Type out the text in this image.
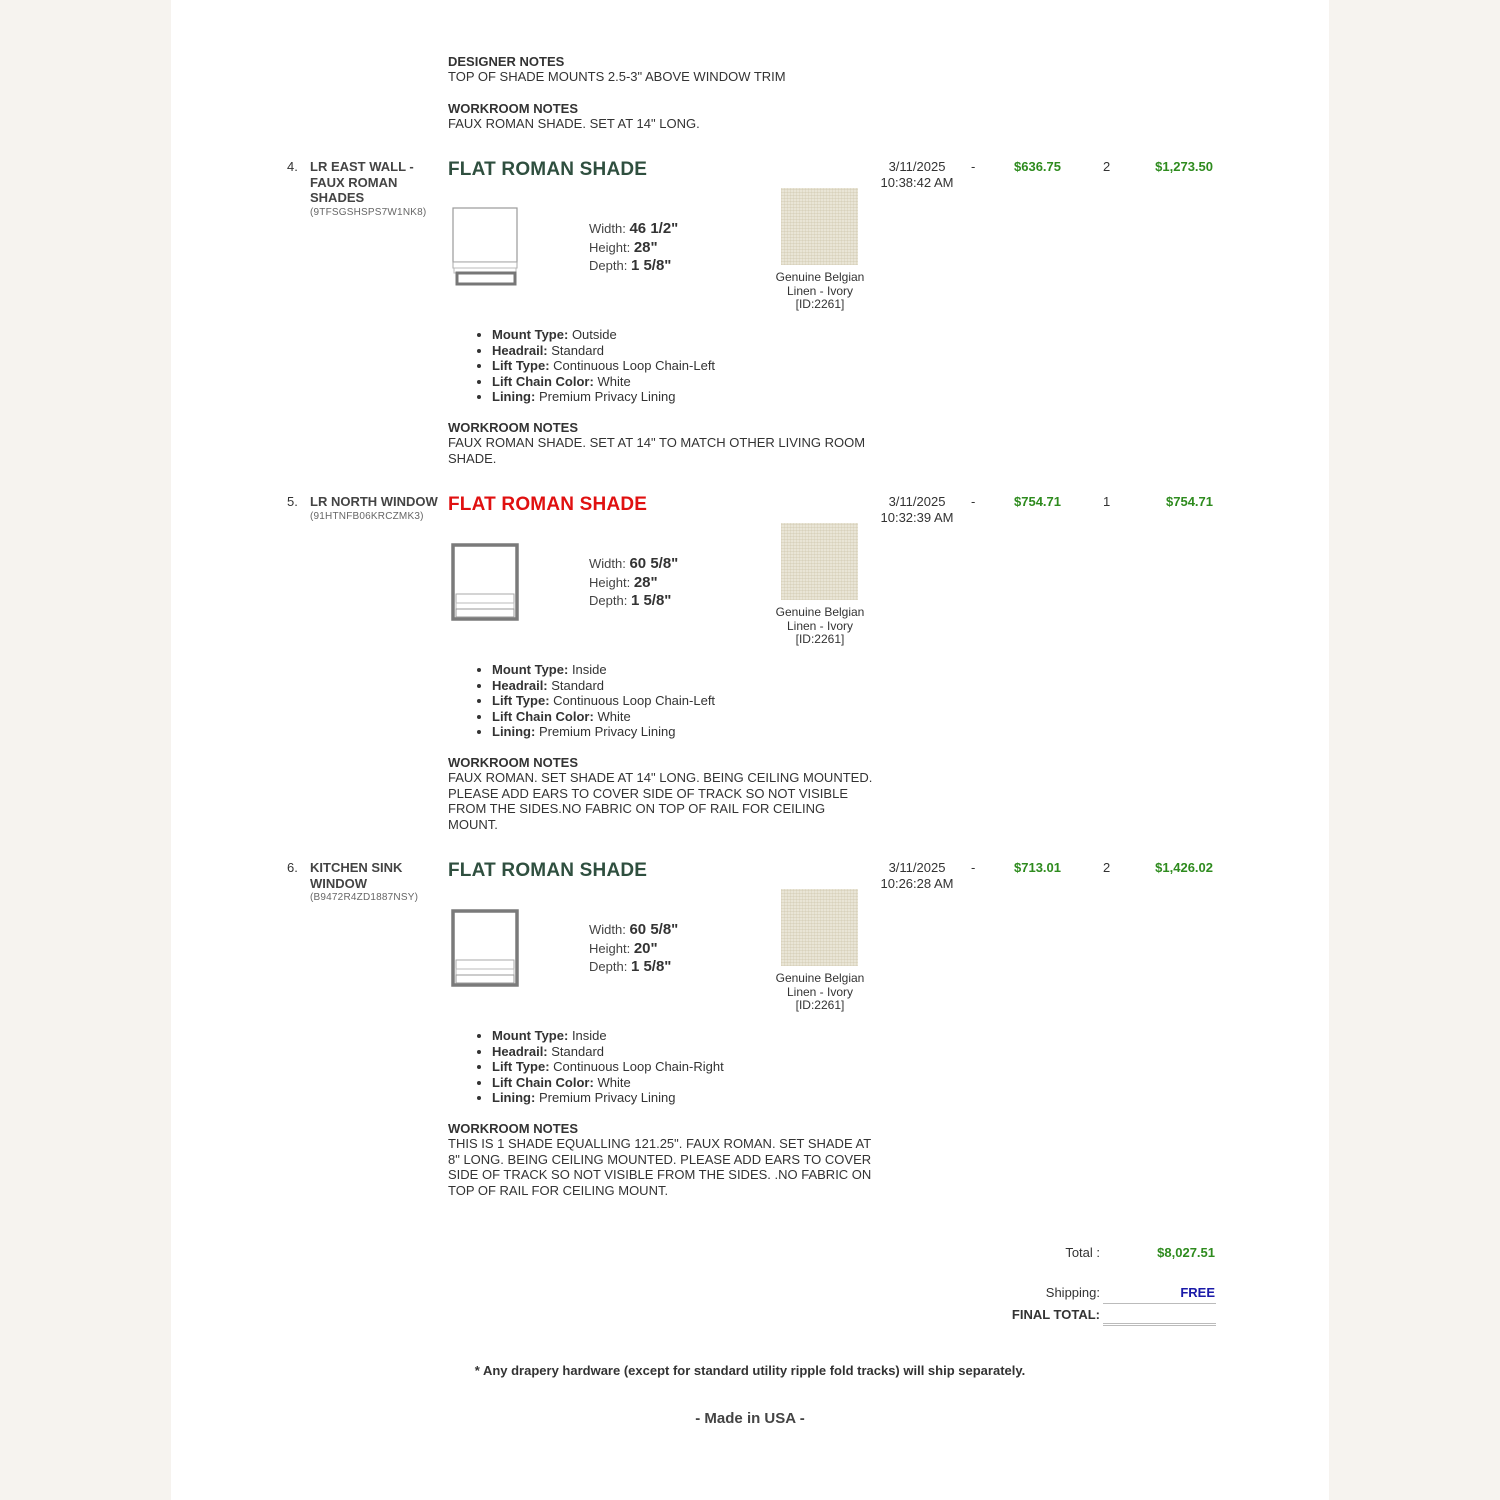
DESIGNER NOTES
TOP OF SHADE MOUNTS 2.5-3" ABOVE WINDOW TRIM
WORKROOM NOTES
FAUX ROMAN SHADE. SET AT 14" LONG.
4. LR EAST WALL - FAUX ROMAN SHADES
(9TFSGSHSPS7W1NK8)
FLAT ROMAN SHADE
Width: 46 1/2"
Height: 28"
Depth: 1 5/8"
Genuine Belgian Linen - Ivory [ID:2261]
• Mount Type: Outside
• Headrail: Standard
• Lift Type: Continuous Loop Chain-Left
• Lift Chain Color: White
• Lining: Premium Privacy Lining
WORKROOM NOTES
FAUX ROMAN SHADE. SET AT 14" TO MATCH OTHER LIVING ROOM SHADE.
3/11/2025 10:38:42 AM
-	$636.75	2	$1,273.50
5. LR NORTH WINDOW
(91HTNFB06KRCZMK3)
FLAT ROMAN SHADE
Width: 60 5/8"
Height: 28"
Depth: 1 5/8"
Genuine Belgian Linen - Ivory [ID:2261]
• Mount Type: Inside
• Headrail: Standard
• Lift Type: Continuous Loop Chain-Left
• Lift Chain Color: White
• Lining: Premium Privacy Lining
WORKROOM NOTES
FAUX ROMAN. SET SHADE AT 14" LONG. BEING CEILING MOUNTED. PLEASE ADD EARS TO COVER SIDE OF TRACK SO NOT VISIBLE FROM THE SIDES.NO FABRIC ON TOP OF RAIL FOR CEILING MOUNT.
3/11/2025 10:32:39 AM
-	$754.71	1	$754.71
6. KITCHEN SINK WINDOW
(B9472R4ZD1887NSY)
FLAT ROMAN SHADE
Width: 60 5/8"
Height: 20"
Depth: 1 5/8"
Genuine Belgian Linen - Ivory [ID:2261]
• Mount Type: Inside
• Headrail: Standard
• Lift Type: Continuous Loop Chain-Right
• Lift Chain Color: White
• Lining: Premium Privacy Lining
WORKROOM NOTES
THIS IS 1 SHADE EQUALLING 121.25". FAUX ROMAN. SET SHADE AT 8" LONG. BEING CEILING MOUNTED. PLEASE ADD EARS TO COVER SIDE OF TRACK SO NOT VISIBLE FROM THE SIDES. .NO FABRIC ON TOP OF RAIL FOR CEILING MOUNT.
3/11/2025 10:26:28 AM
-	$713.01	2	$1,426.02
Total :	$8,027.51
Shipping:	FREE
FINAL TOTAL:
* Any drapery hardware (except for standard utility ripple fold tracks) will ship separately.
- Made in USA -
